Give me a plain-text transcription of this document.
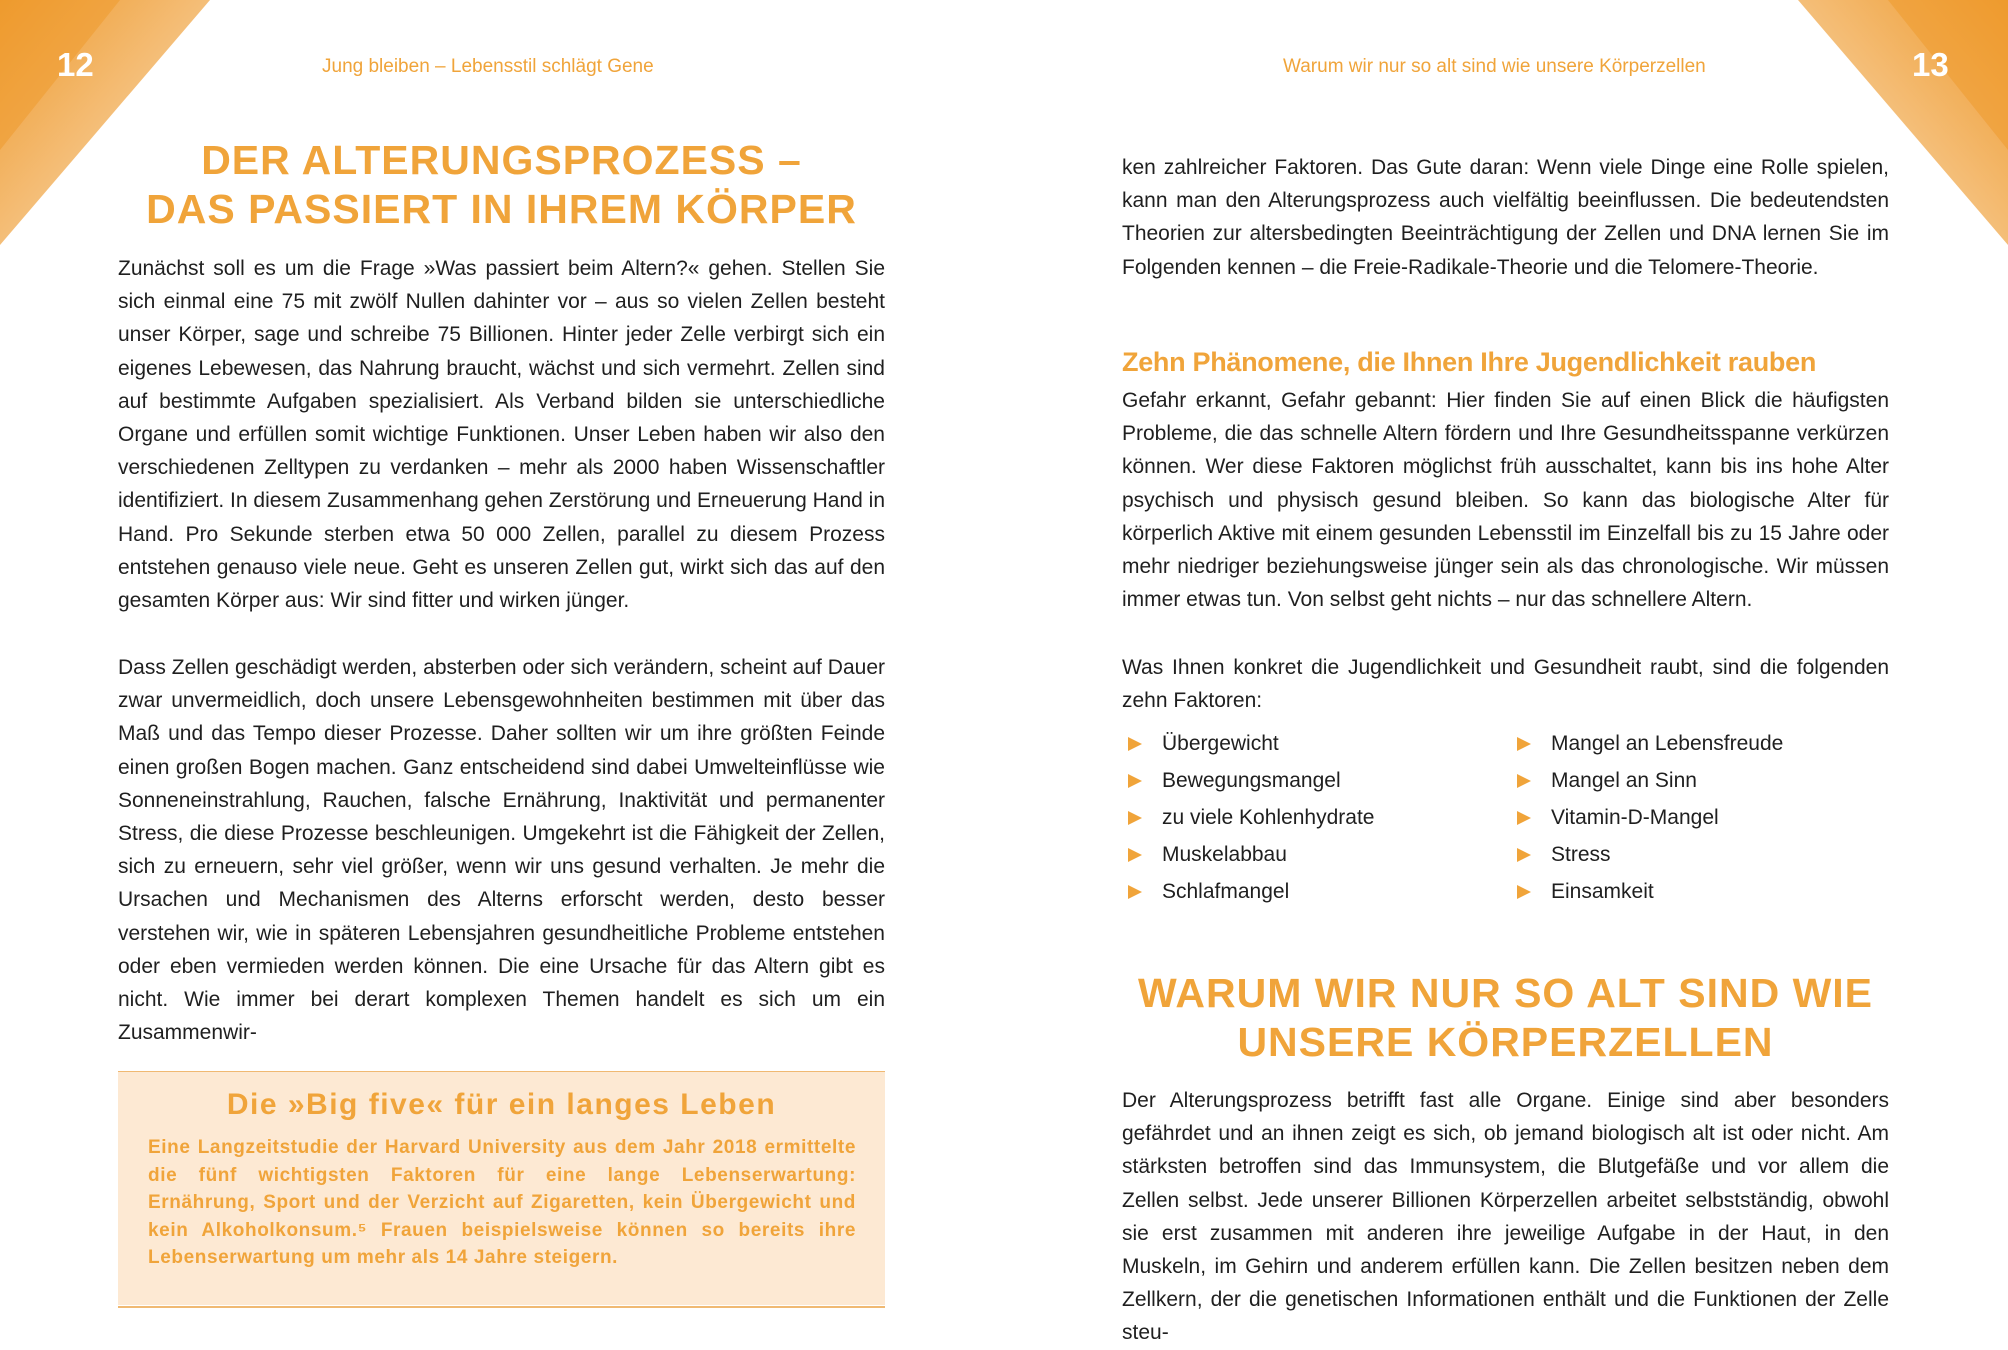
12	Jung bleiben – Lebensstil schlägt Gene
DER ALTERUNGSPROZESS –
DAS PASSIERT IN IHREM KÖRPER

Zunächst soll es um die Frage »Was passiert beim Altern?« gehen. Stellen Sie sich einmal eine 75 mit zwölf Nullen dahinter vor – aus so vielen Zellen besteht unser Körper, sage und schreibe 75 Billionen. Hinter jeder Zelle verbirgt sich ein eigenes Lebewesen, das Nahrung braucht, wächst und sich vermehrt. Zellen sind auf bestimmte Aufgaben spezialisiert. Als Verband bilden sie unterschiedliche Organe und erfüllen somit wichtige Funktionen. Unser Leben haben wir also den verschiedenen Zelltypen zu verdanken – mehr als 2000 haben Wissenschaftler identifiziert. In diesem Zusammenhang gehen Zerstörung und Erneuerung Hand in Hand. Pro Sekunde sterben etwa 50 000 Zellen, parallel zu diesem Prozess entstehen genauso viele neue. Geht es unseren Zellen gut, wirkt sich das auf den gesamten Körper aus: Wir sind fitter und wirken jünger.

Dass Zellen geschädigt werden, absterben oder sich verändern, scheint auf Dauer zwar unvermeidlich, doch unsere Lebensgewohnheiten bestimmen mit über das Maß und das Tempo dieser Prozesse. Daher sollten wir um ihre größten Feinde einen großen Bogen machen. Ganz entscheidend sind dabei Umwelteinflüsse wie Sonneneinstrahlung, Rauchen, falsche Ernährung, Inaktivität und permanenter Stress, die diese Prozesse beschleunigen. Umgekehrt ist die Fähigkeit der Zellen, sich zu erneuern, sehr viel größer, wenn wir uns gesund verhalten. Je mehr die Ursachen und Mechanismen des Alterns erforscht werden, desto besser verstehen wir, wie in späteren Lebensjahren gesundheitliche Probleme entstehen oder eben vermieden werden können. Die eine Ursache für das Altern gibt es nicht. Wie immer bei derart komplexen Themen handelt es sich um ein Zusammenwir-

Die »Big five« für ein langes Leben

Eine Langzeitstudie der Harvard University aus dem Jahr 2018 ermittelte die fünf wichtigsten Faktoren für eine lange Lebenserwartung: Ernährung, Sport und der Verzicht auf Zigaretten, kein Übergewicht und kein Alkoholkonsum.⁵ Frauen beispielsweise können so bereits ihre Lebenserwartung um mehr als 14 Jahre steigern.

13
Warum wir nur so alt sind wie unsere Körperzellen

ken zahlreicher Faktoren. Das Gute daran: Wenn viele Dinge eine Rolle spielen, kann man den Alterungsprozess auch vielfältig beeinflussen. Die bedeutendsten Theorien zur altersbedingten Beeinträchtigung der Zellen und DNA lernen Sie im Folgenden kennen – die Freie-Radikale-Theorie und die Telomere-Theorie.

Zehn Phänomene, die Ihnen Ihre Jugendlichkeit rauben

Gefahr erkannt, Gefahr gebannt: Hier finden Sie auf einen Blick die häufigsten Probleme, die das schnelle Altern fördern und Ihre Gesundheitsspanne verkürzen können. Wer diese Faktoren möglichst früh ausschaltet, kann bis ins hohe Alter psychisch und physisch gesund bleiben. So kann das biologische Alter für körperlich Aktive mit einem gesunden Lebensstil im Einzelfall bis zu 15 Jahre oder mehr niedriger beziehungsweise jünger sein als das chronologische. Wir müssen immer etwas tun. Von selbst geht nichts – nur das schnellere Altern.

Was Ihnen konkret die Jugendlichkeit und Gesundheit raubt, sind die folgenden zehn Faktoren:

Übergewicht
Bewegungsmangel
zu viele Kohlenhydrate
Muskelabbau
Schlafmangel
Mangel an Lebensfreude
Mangel an Sinn
Vitamin-D-Mangel
Stress
Einsamkeit
WARUM WIR NUR SO ALT SIND WIE
UNSERE KÖRPERZELLEN

Der Alterungsprozess betrifft fast alle Organe. Einige sind aber besonders gefährdet und an ihnen zeigt es sich, ob jemand biologisch alt ist oder nicht. Am stärksten betroffen sind das Immunsystem, die Blutgefäße und vor allem die Zellen selbst. Jede unserer Billionen Körperzellen arbeitet selbstständig, obwohl sie erst zusammen mit anderen ihre jeweilige Aufgabe in der Haut, in den Muskeln, im Gehirn und anderem erfüllen kann. Die Zellen besitzen neben dem Zellkern, der die genetischen Informationen enthält und die Funktionen der Zelle steu-
